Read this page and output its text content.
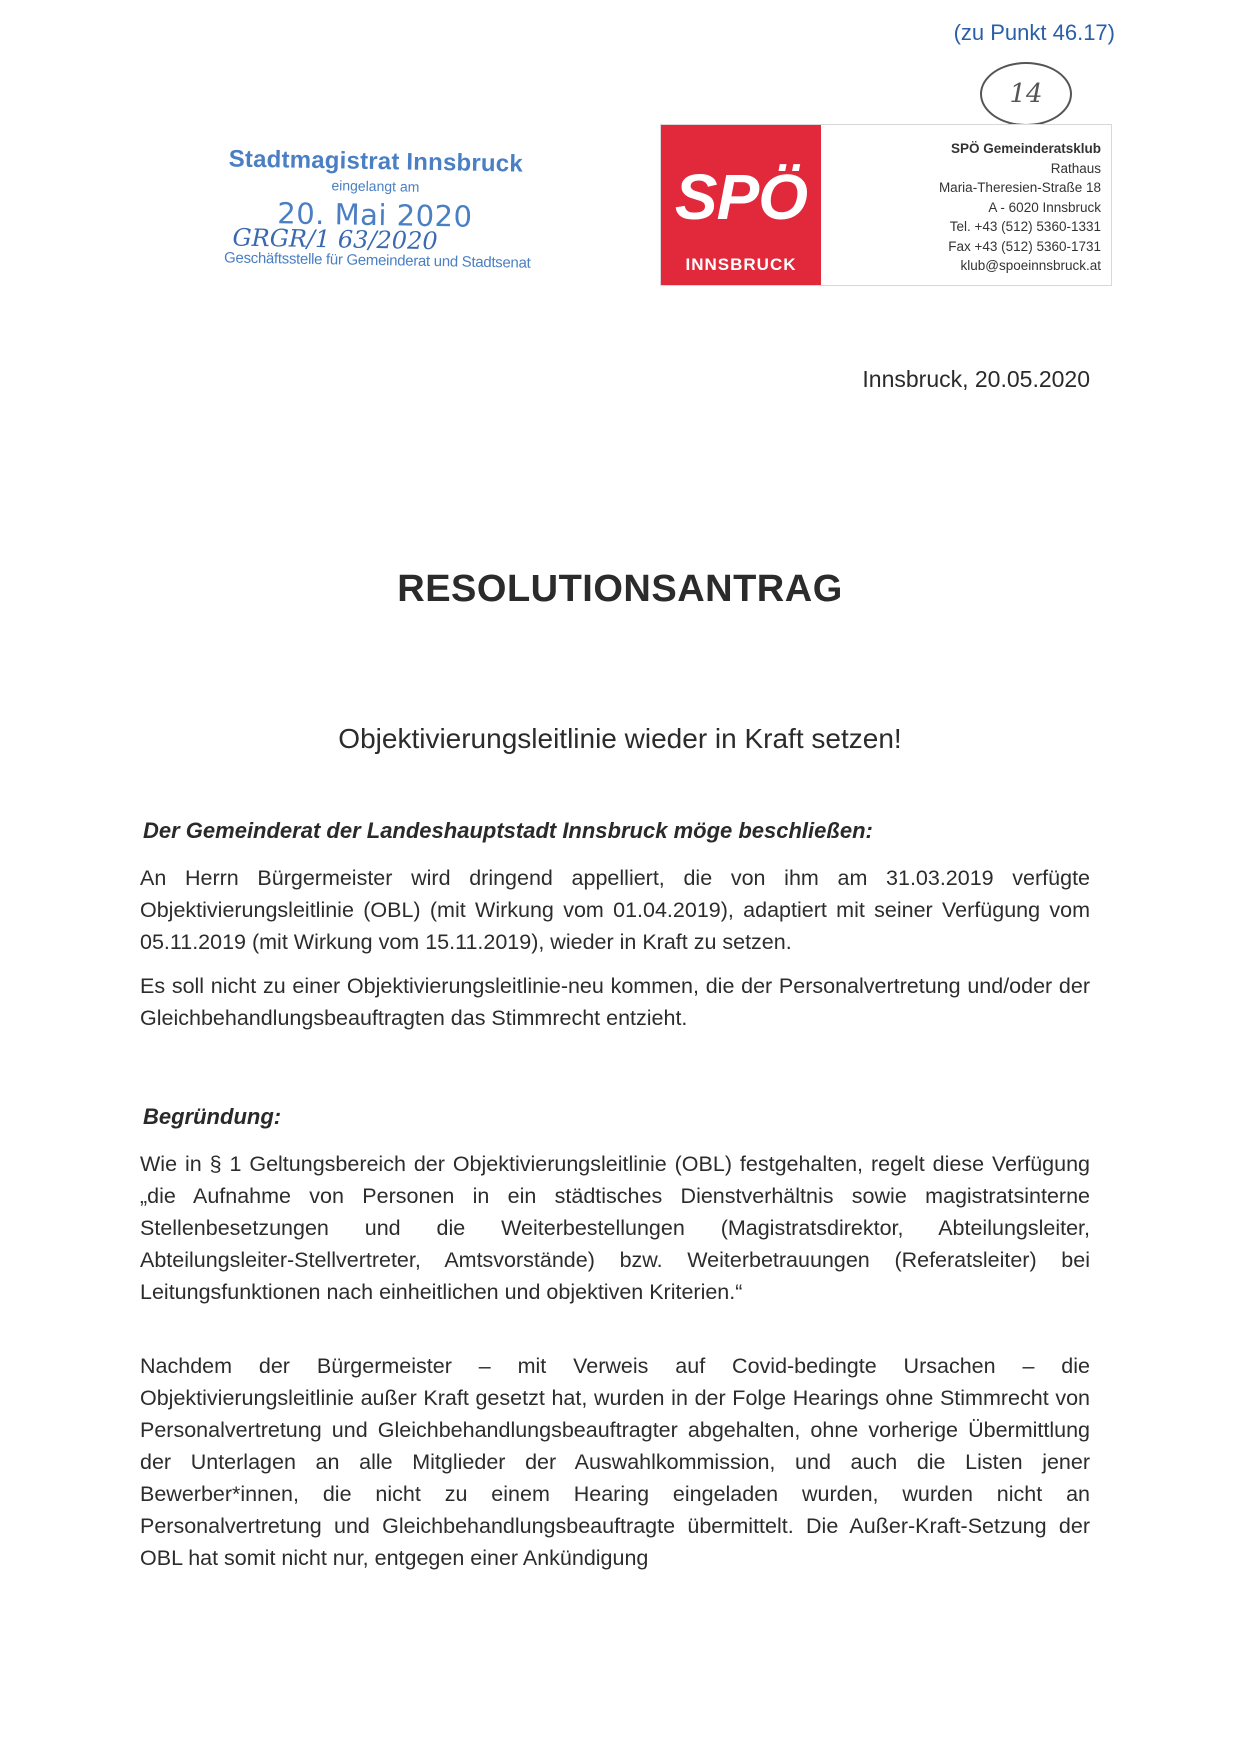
(zu Punkt 46.17)
14
Stadtmagistrat Innsbruck
eingelangt am
20. Mai 2020
GRGR/1 63/2020
Geschäftsstelle für Gemeinderat und Stadtsenat
SPÖ
INNSBRUCK
SPÖ Gemeinderatsklub
Rathaus
Maria-Theresien-Straße 18
A - 6020 Innsbruck
Tel. +43 (512) 5360-1331
Fax +43 (512) 5360-1731
klub@spoeinnsbruck.at
Innsbruck, 20.05.2020
RESOLUTIONSANTRAG
Objektivierungsleitlinie wieder in Kraft setzen!
Der Gemeinderat der Landeshauptstadt Innsbruck möge beschließen:

An Herrn Bürgermeister wird dringend appelliert, die von ihm am 31.03.2019 verfügte Objektivierungsleitlinie (OBL) (mit Wirkung vom 01.04.2019), adaptiert mit seiner Verfügung vom 05.11.2019 (mit Wirkung vom 15.11.2019), wieder in Kraft zu setzen.

Es soll nicht zu einer Objektivierungsleitlinie-neu kommen, die der Personalvertretung und/oder der Gleichbehandlungsbeauftragten das Stimmrecht entzieht.

Begründung:

Wie in § 1 Geltungsbereich der Objektivierungsleitlinie (OBL) festgehalten, regelt diese Verfügung „die Aufnahme von Personen in ein städtisches Dienstverhältnis sowie magistratsinterne Stellenbesetzungen und die Weiterbestellungen (Magistratsdirektor, Abteilungsleiter, Abteilungsleiter-Stellvertreter, Amtsvorstände) bzw. Weiterbetrauungen (Referatsleiter) bei Leitungsfunktionen nach einheitlichen und objektiven Kriterien.“

Nachdem der Bürgermeister – mit Verweis auf Covid-bedingte Ursachen – die Objektivierungsleitlinie außer Kraft gesetzt hat, wurden in der Folge Hearings ohne Stimmrecht von Personalvertretung und Gleichbehandlungsbeauftragter abgehalten, ohne vorherige Übermittlung der Unterlagen an alle Mitglieder der Auswahlkommission, und auch die Listen jener Bewerber*innen, die nicht zu einem Hearing eingeladen wurden, wurden nicht an Personalvertretung und Gleichbehandlungsbeauftragte übermittelt. Die Außer-Kraft-Setzung der OBL hat somit nicht nur, entgegen einer Ankündigung
